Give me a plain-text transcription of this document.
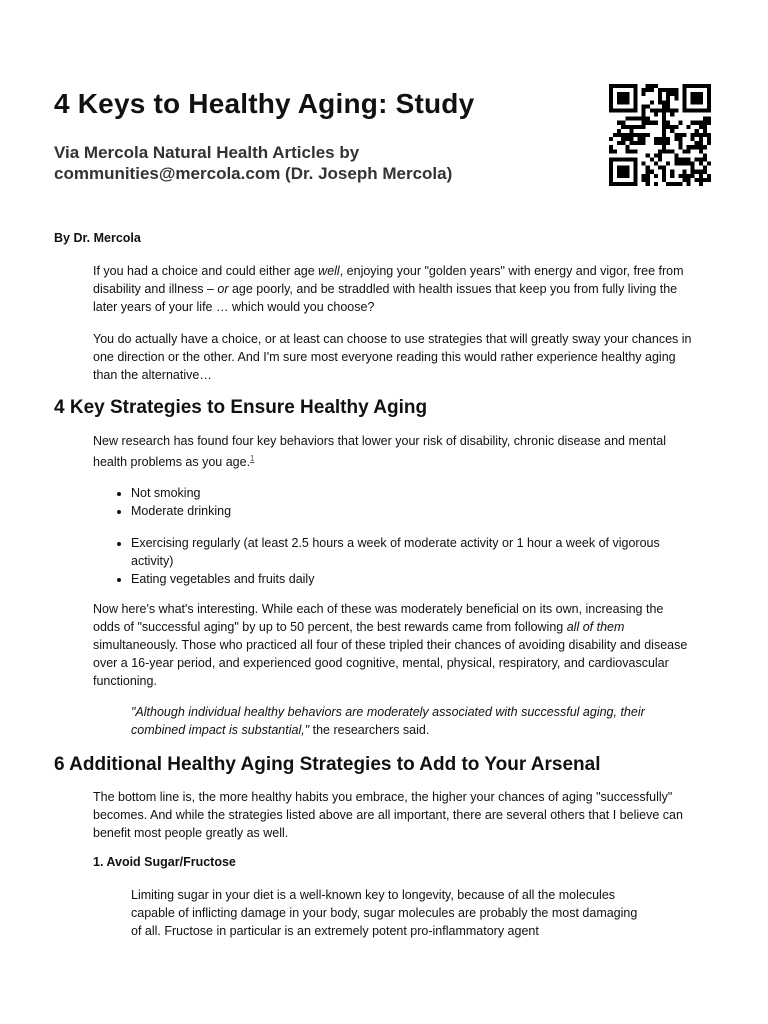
4 Keys to Healthy Aging: Study
Via Mercola Natural Health Articles by
communities@mercola.com (Dr. Joseph Mercola)

By Dr. Mercola

If you had a choice and could either age well, enjoying your "golden years" with energy and vigor, free from disability and illness – or age poorly, and be straddled with health issues that keep you from fully living the later years of your life … which would you choose?

You do actually have a choice, or at least can choose to use strategies that will greatly sway your chances in one direction or the other. And I'm sure most everyone reading this would rather experience healthy aging than the alternative…

4 Key Strategies to Ensure Healthy Aging

New research has found four key behaviors that lower your risk of disability, chronic disease and mental health problems as you age.$^1$

• Not smoking
• Moderate drinking
• Exercising regularly (at least 2.5 hours a week of moderate activity or 1 hour a week of vigorous activity)
• Eating vegetables and fruits daily

Now here's what's interesting. While each of these was moderately beneficial on its own, increasing the odds of "successful aging" by up to 50 percent, the best rewards came from following all of them simultaneously. Those who practiced all four of these tripled their chances of avoiding disability and disease over a 16-year period, and experienced good cognitive, mental, physical, respiratory, and cardiovascular functioning.

"Although individual healthy behaviors are moderately associated with successful aging, their combined impact is substantial," the researchers said.

6 Additional Healthy Aging Strategies to Add to Your Arsenal

The bottom line is, the more healthy habits you embrace, the higher your chances of aging "successfully" becomes. And while the strategies listed above are all important, there are several others that I believe can benefit most people greatly as well.

1. Avoid Sugar/Fructose

Limiting sugar in your diet is a well-known key to longevity, because of all the molecules capable of inflicting damage in your body, sugar molecules are probably the most damaging of all. Fructose in particular is an extremely potent pro-inflammatory agent
